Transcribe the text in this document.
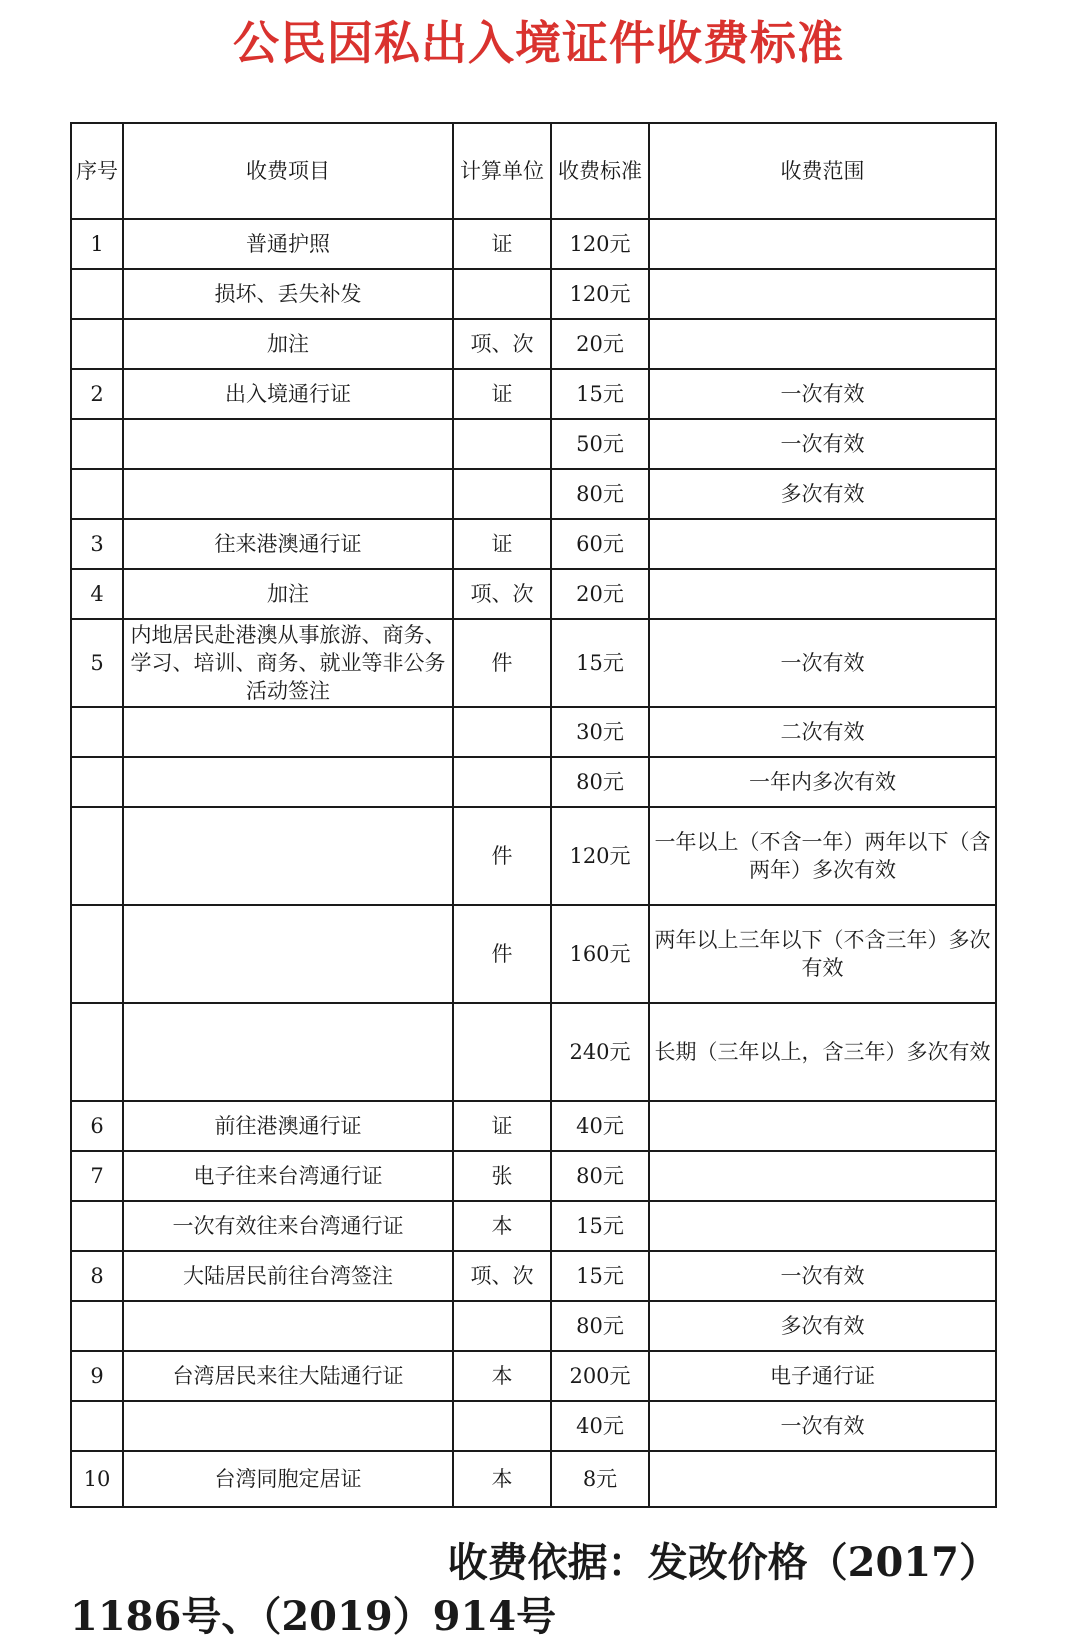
公民因私出入境证件收费标准
序号	收费项目	计算单位	收费标准	收费范围
1	普通护照	证	120元	
	损坏、丢失补发		120元	
	加注	项、次	20元	
2	出入境通行证	证	15元	一次有效
			50元	一次有效
			80元	多次有效
3	往来港澳通行证	证	60元	
4	加注	项、次	20元	
5	内地居民赴港澳从事旅游、商务、学习、培训、商务、就业等非公务活动签注	件	15元	一次有效
			30元	二次有效
			80元	一年内多次有效
		件	120元	一年以上（不含一年）两年以下（含两年）多次有效
		件	160元	两年以上三年以下（不含三年）多次有效
			240元	长期（三年以上，含三年）多次有效
6	前往港澳通行证	证	40元	
7	电子往来台湾通行证	张	80元	
	一次有效往来台湾通行证	本	15元	
8	大陆居民前往台湾签注	项、次	15元	一次有效
			80元	多次有效
9	台湾居民来往大陆通行证	本	200元	电子通行证
			40元	一次有效
10	台湾同胞定居证	本	8元	
收费依据：发改价格（2017）
1186号、（2019）914号
